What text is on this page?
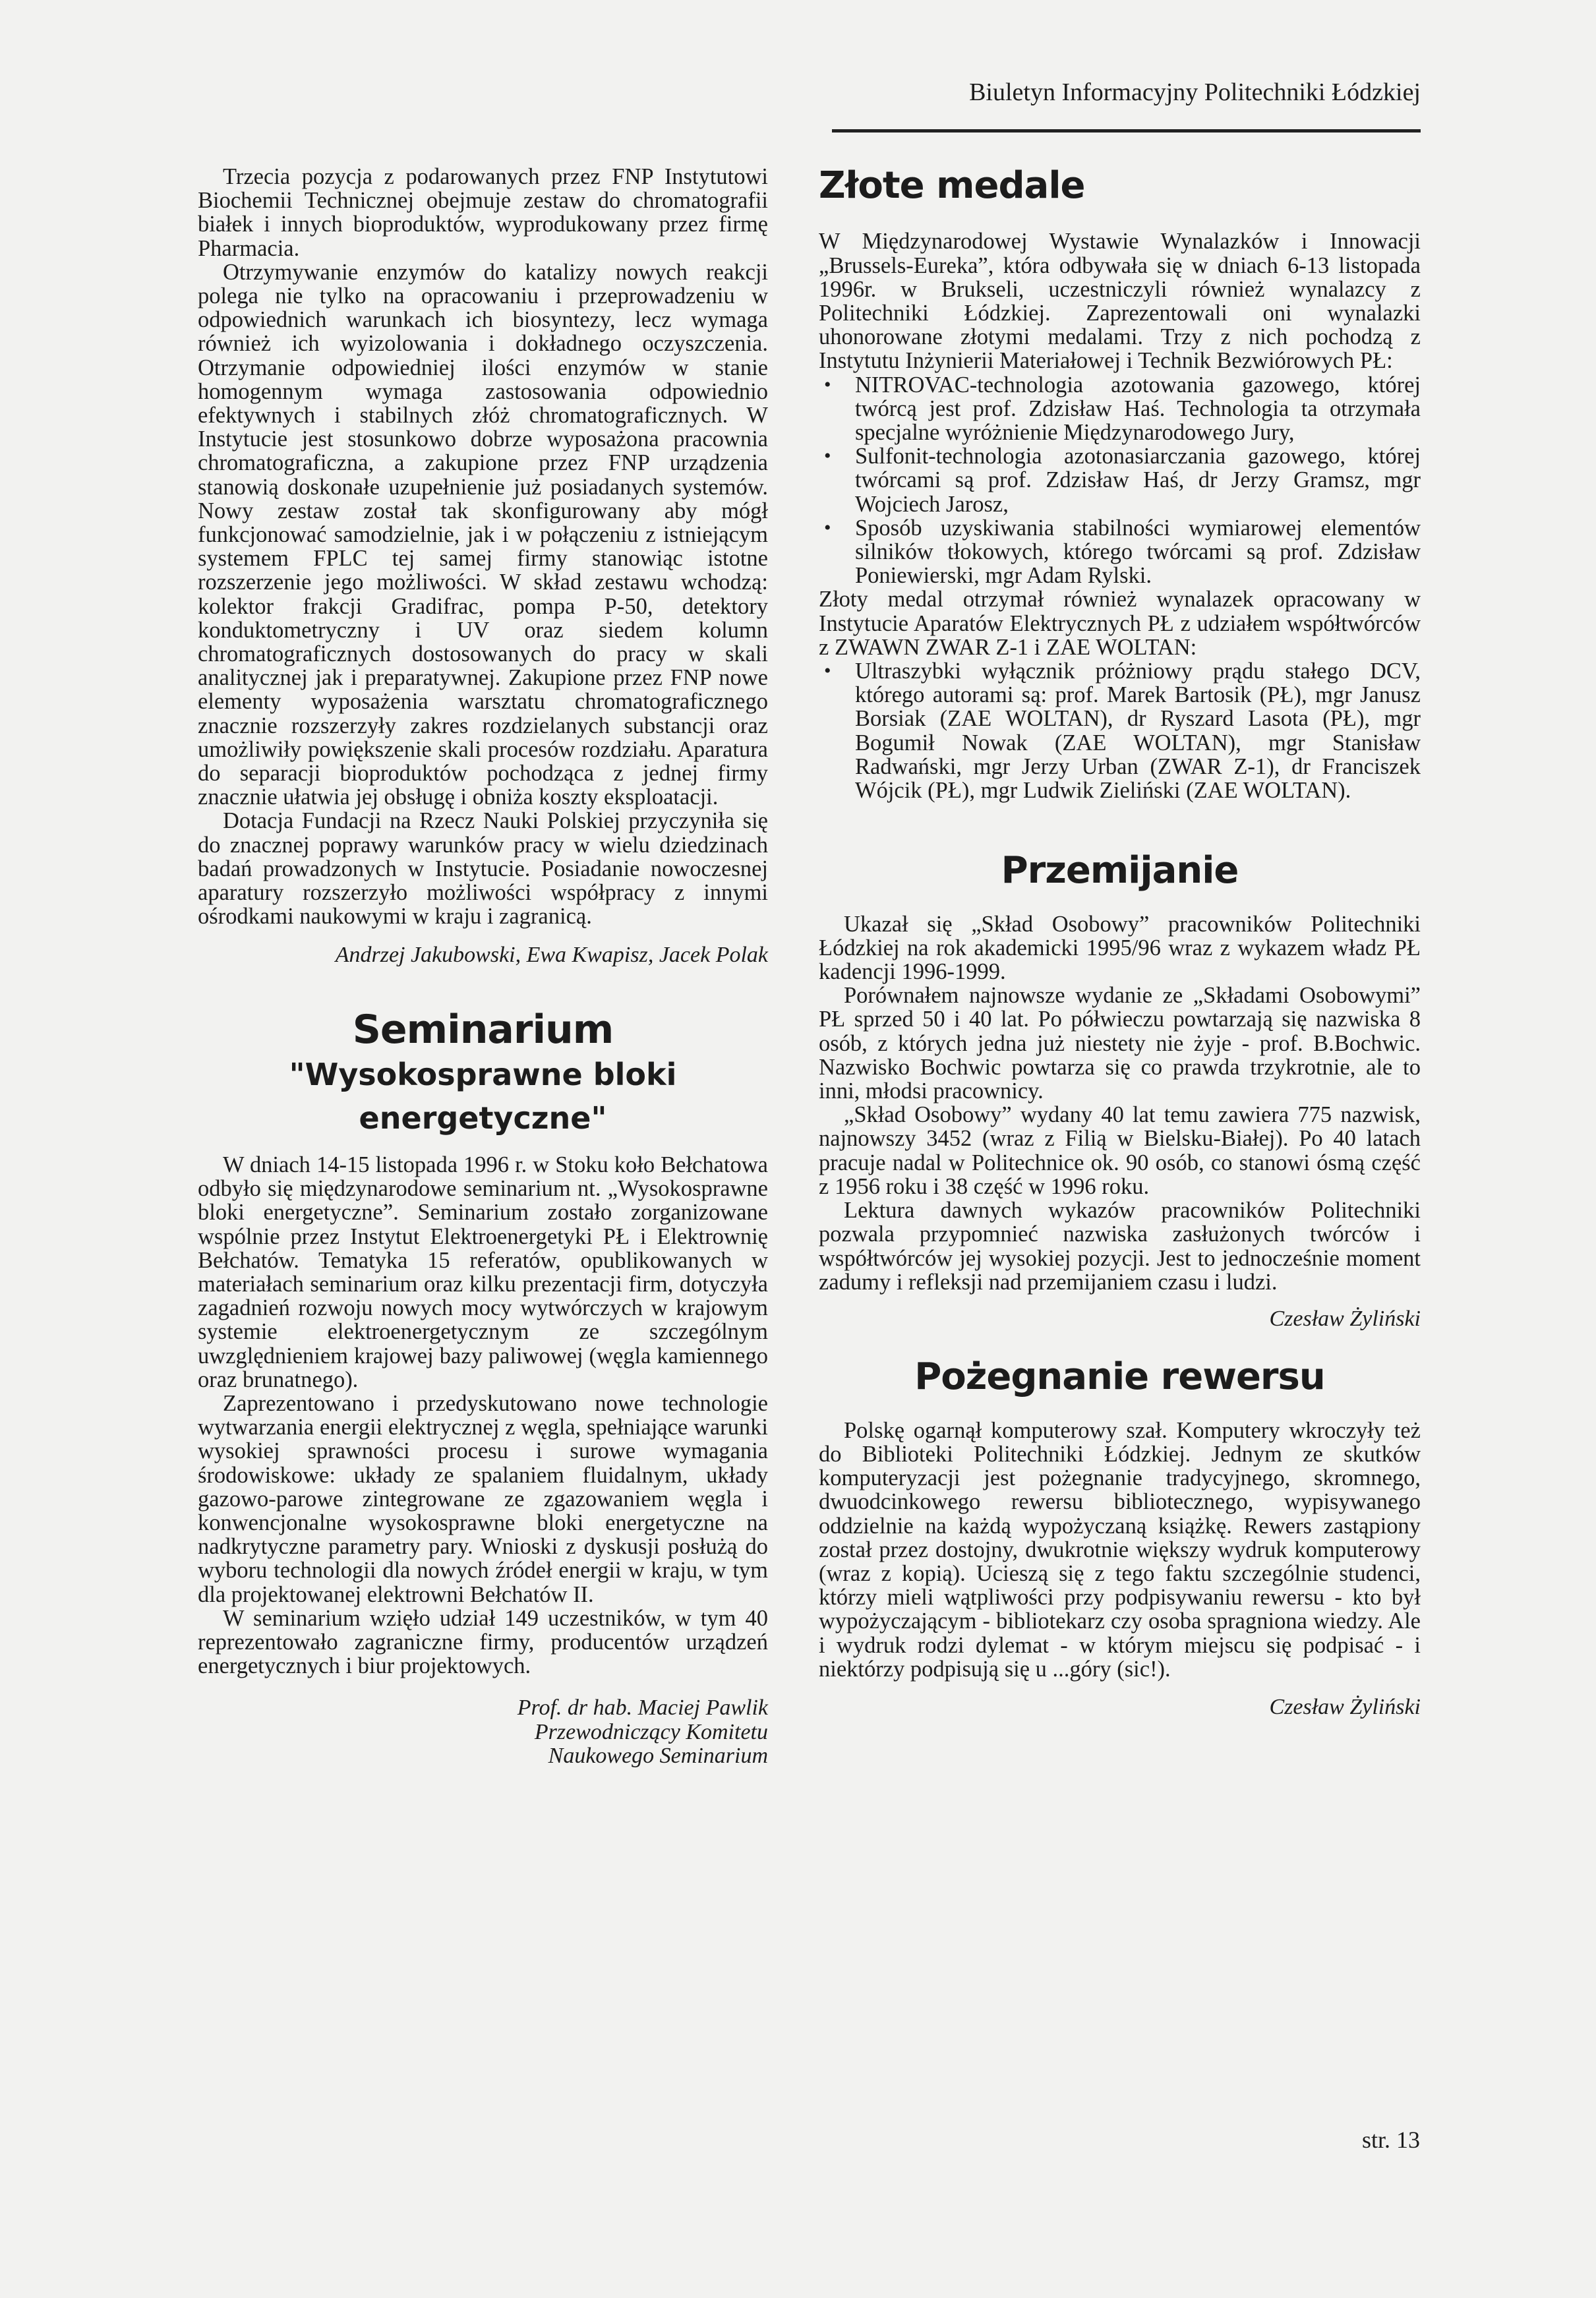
Biuletyn Informacyjny Politechniki Łódzkiej

Trzecia pozycja z podarowanych przez FNP Instytutowi Biochemii Technicznej obejmuje zestaw do chromatografii białek i innych bioproduktów, wyprodukowany przez firmę Pharmacia.

Otrzymywanie enzymów do katalizy nowych reakcji polega nie tylko na opracowaniu i przeprowadzeniu w odpowiednich warunkach ich biosyntezy, lecz wymaga również ich wyizolowania i dokładnego oczyszczenia. Otrzymanie odpowiedniej ilości enzymów w stanie homogennym wymaga zastosowania odpowiednio efektywnych i stabilnych złóż chromatograficznych. W Instytucie jest stosunkowo dobrze wyposażona pracownia chromatograficzna, a zakupione przez FNP urządzenia stanowią doskonałe uzupełnienie już posiadanych systemów. Nowy zestaw został tak skonfigurowany aby mógł funkcjonować samodzielnie, jak i w połączeniu z istniejącym systemem FPLC tej samej firmy stanowiąc istotne rozszerzenie jego możliwości. W skład zestawu wchodzą: kolektor frakcji Gradifrac, pompa P-50, detektory konduktometryczny i UV oraz siedem kolumn chromatograficznych dostosowanych do pracy w skali analitycznej jak i preparatywnej. Zakupione przez FNP nowe elementy wyposażenia warsztatu chromatograficznego znacznie rozszerzyły zakres rozdzielanych substancji oraz umożliwiły powiększenie skali procesów rozdziału. Aparatura do separacji bioproduktów pochodząca z jednej firmy znacznie ułatwia jej obsługę i obniża koszty eksploatacji.

Dotacja Fundacji na Rzecz Nauki Polskiej przyczyniła się do znacznej poprawy warunków pracy w wielu dziedzinach badań prowadzonych w Instytucie. Posiadanie nowoczesnej aparatury rozszerzyło możliwości współpracy z innymi ośrodkami naukowymi w kraju i zagranicą.

Andrzej Jakubowski, Ewa Kwapisz, Jacek Polak

Seminarium
"Wysokosprawne bloki
energetyczne"

W dniach 14-15 listopada 1996 r. w Stoku koło Bełchatowa odbyło się międzynarodowe seminarium nt. „Wysokosprawne bloki energetyczne”. Seminarium zostało zorganizowane wspólnie przez Instytut Elektroenergetyki PŁ i Elektrownię Bełchatów. Tematyka 15 referatów, opublikowanych w materiałach seminarium oraz kilku prezentacji firm, dotyczyła zagadnień rozwoju nowych mocy wytwórczych w krajowym systemie elektroenergetycznym ze szczególnym uwzględnieniem krajowej bazy paliwowej (węgla kamiennego oraz brunatnego).

Zaprezentowano i przedyskutowano nowe technologie wytwarzania energii elektrycznej z węgla, spełniające warunki wysokiej sprawności procesu i surowe wymagania środowiskowe: układy ze spalaniem fluidalnym, układy gazowo-parowe zintegrowane ze zgazowaniem węgla i konwencjonalne wysokosprawne bloki energetyczne na nadkrytyczne parametry pary. Wnioski z dyskusji posłużą do wyboru technologii dla nowych źródeł energii w kraju, w tym dla projektowanej elektrowni Bełchatów II.

W seminarium wzięło udział 149 uczestników, w tym 40 reprezentowało zagraniczne firmy, producentów urządzeń energetycznych i biur projektowych.

Prof. dr hab. Maciej Pawlik

Przewodniczący Komitetu

Naukowego Seminarium

Złote medale

W Międzynarodowej Wystawie Wynalazków i Innowacji „Brussels-Eureka”, która odbywała się w dniach 6-13 listopada 1996r. w Brukseli, uczestniczyli również wynalazcy z Politechniki Łódzkiej. Zaprezentowali oni wynalazki uhonorowane złotymi medalami. Trzy z nich pochodzą z Instytutu Inżynierii Materiałowej i Technik Bezwiórowych PŁ:

• NITROVAC-technologia azotowania gazowego, której twórcą jest prof. Zdzisław Haś. Technologia ta otrzymała specjalne wyróżnienie Międzynarodowego Jury,
• Sulfonit-technologia azotonasiarczania gazowego, której twórcami są prof. Zdzisław Haś, dr Jerzy Gramsz, mgr Wojciech Jarosz,
• Sposób uzyskiwania stabilności wymiarowej elementów silników tłokowych, którego twórcami są prof. Zdzisław Poniewierski, mgr Adam Rylski.

Złoty medal otrzymał również wynalazek opracowany w Instytucie Aparatów Elektrycznych PŁ z udziałem współtwórców z ZWAWN ZWAR Z-1 i ZAE WOLTAN:

• Ultraszybki wyłącznik próżniowy prądu stałego DCV, którego autorami są: prof. Marek Bartosik (PŁ), mgr Janusz Borsiak (ZAE WOLTAN), dr Ryszard Lasota (PŁ), mgr Bogumił Nowak (ZAE WOLTAN), mgr Stanisław Radwański, mgr Jerzy Urban (ZWAR Z-1), dr Franciszek Wójcik (PŁ), mgr Ludwik Zieliński (ZAE WOLTAN).
Przemijanie

Ukazał się „Skład Osobowy” pracowników Politechniki Łódzkiej na rok akademicki 1995/96 wraz z wykazem władz PŁ kadencji 1996-1999.

Porównałem najnowsze wydanie ze „Składami Osobowymi” PŁ sprzed 50 i 40 lat. Po półwieczu powtarzają się nazwiska 8 osób, z których jedna już niestety nie żyje - prof. B.Bochwic. Nazwisko Bochwic powtarza się co prawda trzykrotnie, ale to inni, młodsi pracownicy.

„Skład Osobowy” wydany 40 lat temu zawiera 775 nazwisk, najnowszy 3452 (wraz z Filią w Bielsku-Białej). Po 40 latach pracuje nadal w Politechnice ok. 90 osób, co stanowi ósmą część z 1956 roku i 38 część w 1996 roku.

Lektura dawnych wykazów pracowników Politechniki pozwala przypomnieć nazwiska zasłużonych twórców i współtwórców jej wysokiej pozycji. Jest to jednocześnie moment zadumy i refleksji nad przemijaniem czasu i ludzi.

Czesław Żyliński

Pożegnanie rewersu

Polskę ogarnął komputerowy szał. Komputery wkroczyły też do Biblioteki Politechniki Łódzkiej. Jednym ze skutków komputeryzacji jest pożegnanie tradycyjnego, skromnego, dwuodcinkowego rewersu bibliotecznego, wypisywanego oddzielnie na każdą wypożyczaną książkę. Rewers zastąpiony został przez dostojny, dwukrotnie większy wydruk komputerowy (wraz z kopią). Ucieszą się z tego faktu szczególnie studenci, którzy mieli wątpliwości przy podpisywaniu rewersu - kto był wypożyczającym - bibliotekarz czy osoba spragniona wiedzy. Ale i wydruk rodzi dylemat - w którym miejscu się podpisać - i niektórzy podpisują się u ...góry (sic!).

Czesław Żyliński

str. 13
